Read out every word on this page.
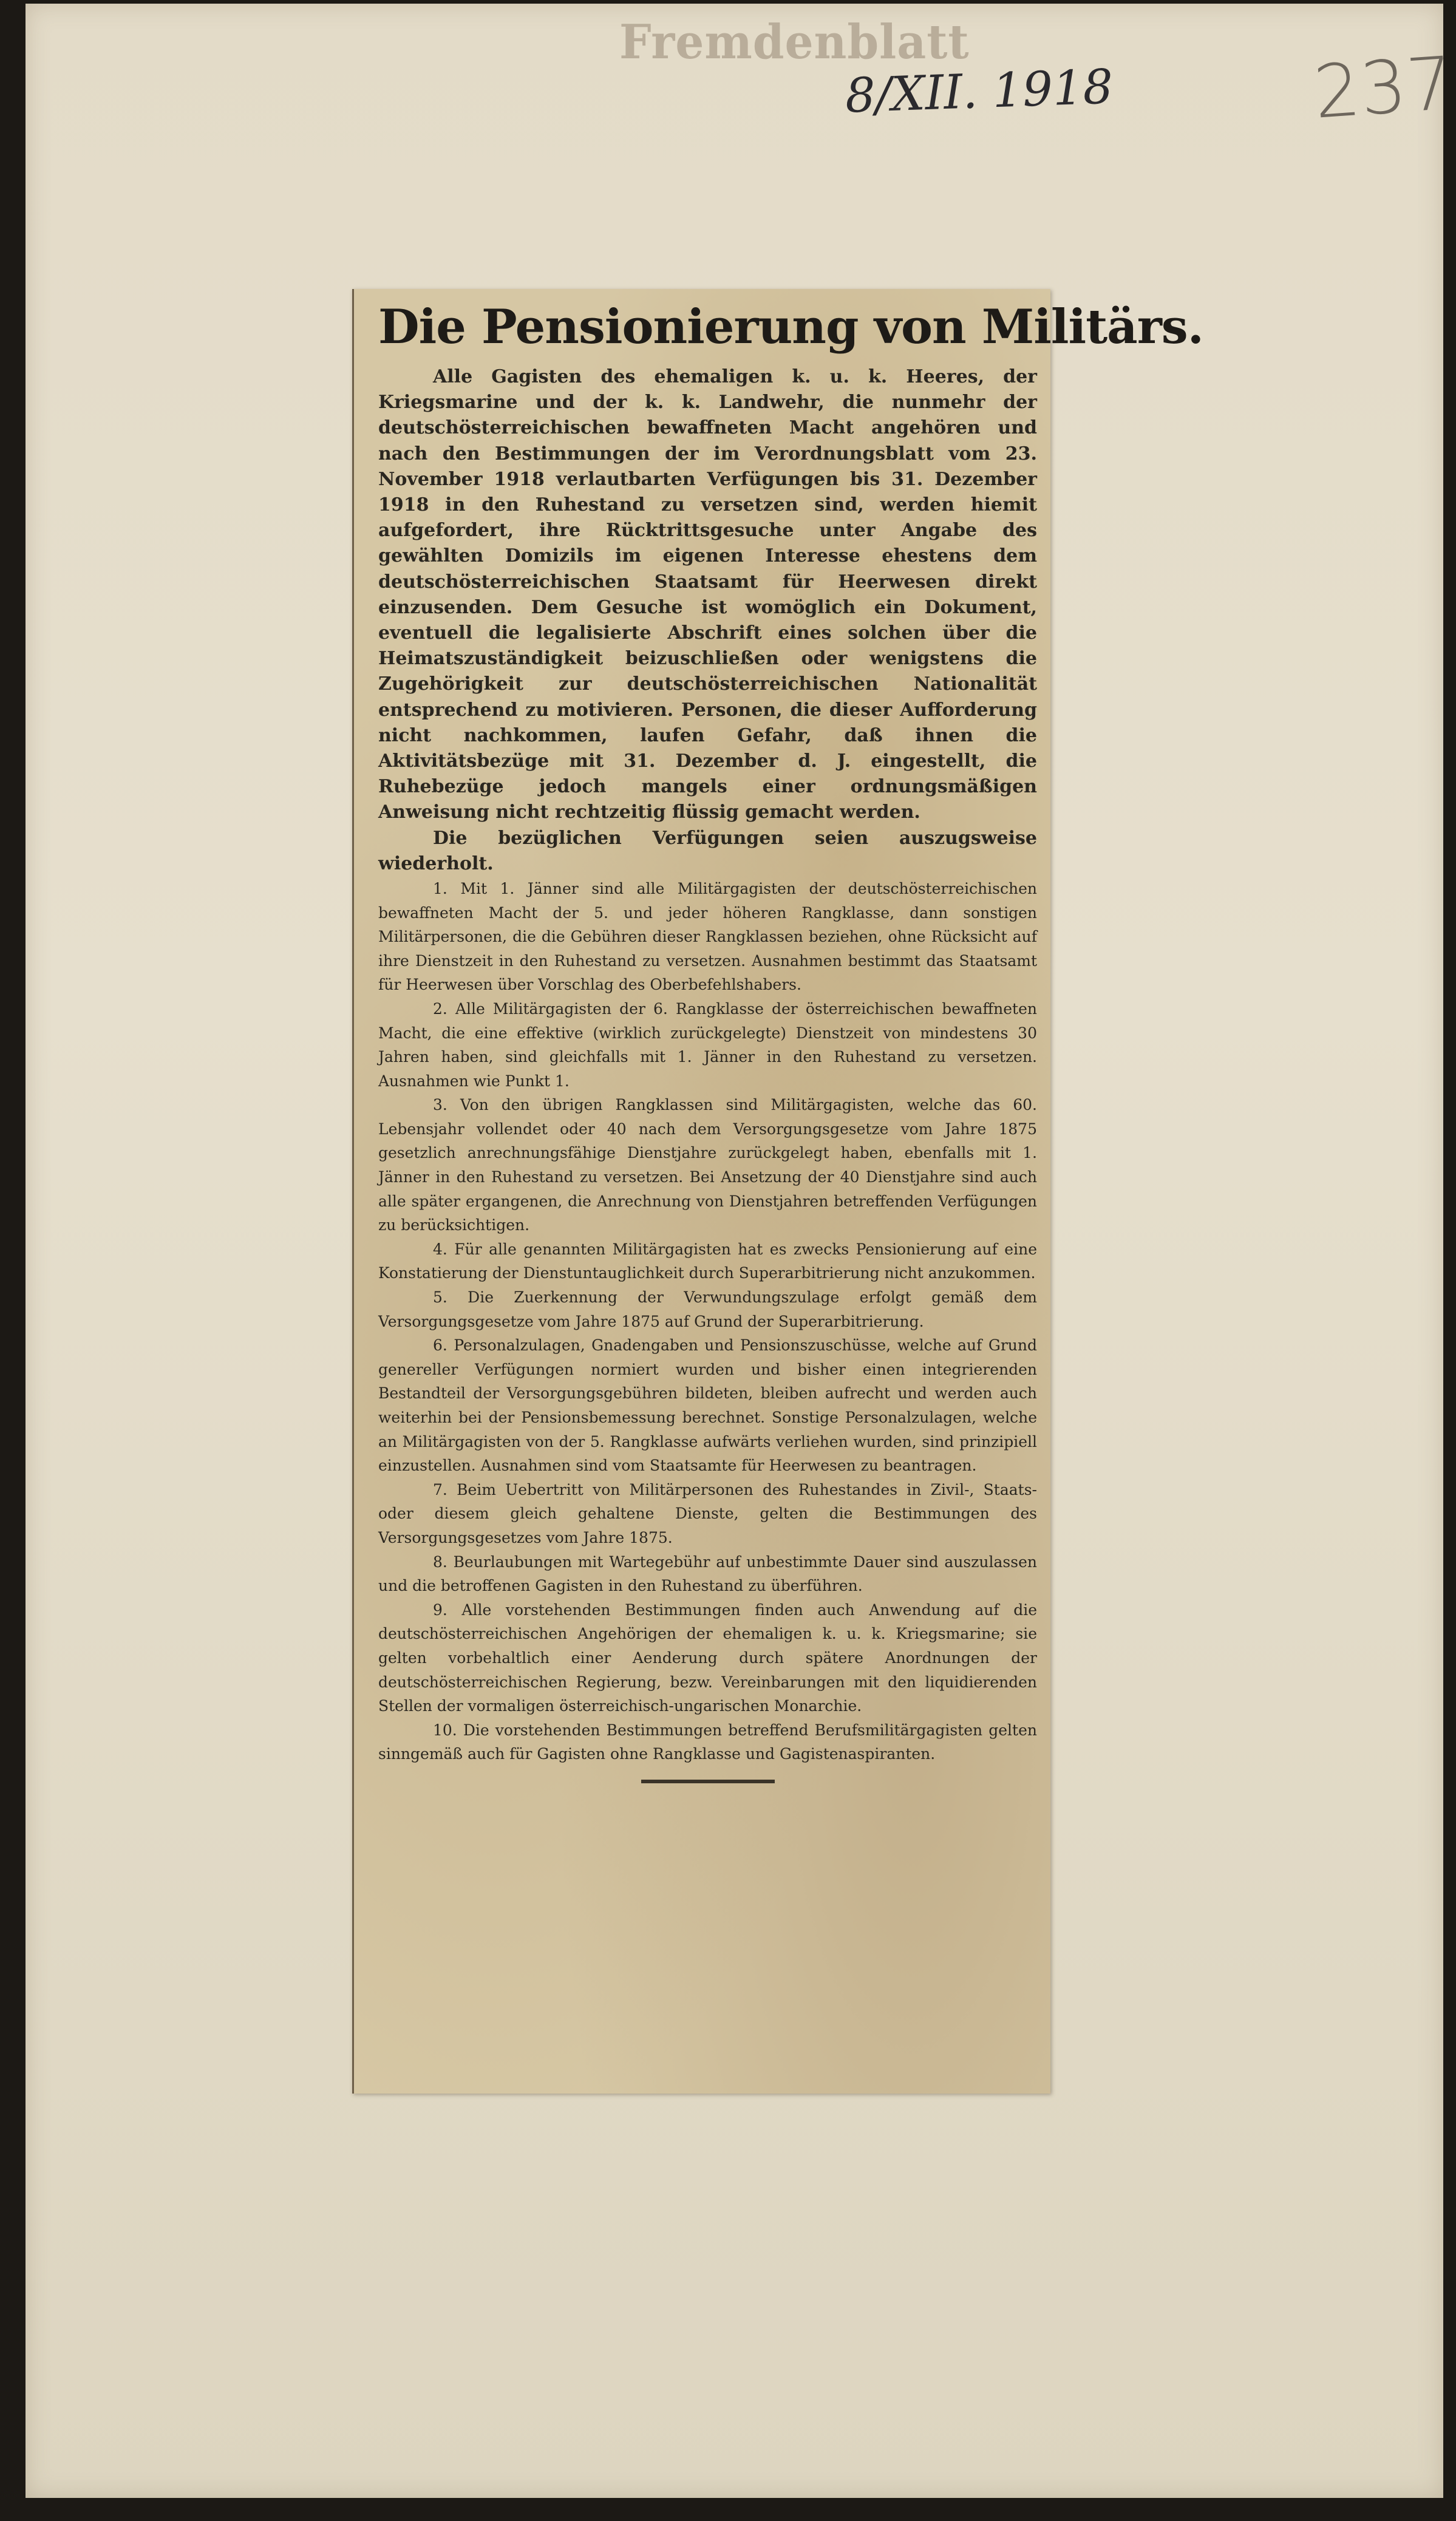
Fremdenblatt
8/XII. 1918	237
Die Pensionierung von Militärs.

Alle Gagisten des ehemaligen k. u. k. Heeres, der Kriegsmarine und der k. k. Landwehr, die nunmehr der deutschösterreichischen bewaffneten Macht angehören und nach den Bestimmungen der im Verordnungsblatt vom 23. November 1918 verlautbarten Verfügungen bis 31. Dezember 1918 in den Ruhestand zu versetzen sind, werden hiemit aufgefordert, ihre Rücktrittsgesuche unter Angabe des gewählten Domizils im eigenen Interesse ehestens dem deutschösterreichischen Staatsamt für Heerwesen direkt einzusenden. Dem Gesuche ist womöglich ein Dokument, eventuell die legalisierte Abschrift eines solchen über die Heimatszuständigkeit beizuschließen oder wenigstens die Zugehörigkeit zur deutschösterreichischen Nationalität entsprechend zu motivieren. Personen, die dieser Aufforderung nicht nachkommen, laufen Gefahr, daß ihnen die Aktivitätsbezüge mit 31. Dezember d. J. eingestellt, die Ruhebezüge jedoch mangels einer ordnungsmäßigen Anweisung nicht rechtzeitig flüssig gemacht werden.

Die bezüglichen Verfügungen seien auszugsweise wiederholt.

1. Mit 1. Jänner sind alle Militärgagisten der deutschösterreichischen bewaffneten Macht der 5. und jeder höheren Rangklasse, dann sonstigen Militärpersonen, die die Gebühren dieser Rangklassen beziehen, ohne Rücksicht auf ihre Dienstzeit in den Ruhestand zu versetzen. Ausnahmen bestimmt das Staatsamt für Heerwesen über Vorschlag des Oberbefehlshabers.

2. Alle Militärgagisten der 6. Rangklasse der österreichischen bewaffneten Macht, die eine effektive (wirklich zurückgelegte) Dienstzeit von mindestens 30 Jahren haben, sind gleichfalls mit 1. Jänner in den Ruhestand zu versetzen. Ausnahmen wie Punkt 1.

3. Von den übrigen Rangklassen sind Militärgagisten, welche das 60. Lebensjahr vollendet oder 40 nach dem Versorgungsgesetze vom Jahre 1875 gesetzlich anrechnungsfähige Dienstjahre zurückgelegt haben, ebenfalls mit 1. Jänner in den Ruhestand zu versetzen. Bei Ansetzung der 40 Dienstjahre sind auch alle später ergangenen, die Anrechnung von Dienstjahren betreffenden Verfügungen zu berücksichtigen.

4. Für alle genannten Militärgagisten hat es zwecks Pensionierung auf eine Konstatierung der Dienstuntauglichkeit durch Superarbitrierung nicht anzukommen.

5. Die Zuerkennung der Verwundungszulage erfolgt gemäß dem Versorgungsgesetze vom Jahre 1875 auf Grund der Superarbitrierung.

6. Personalzulagen, Gnadengaben und Pensionszuschüsse, welche auf Grund genereller Verfügungen normiert wurden und bisher einen integrierenden Bestandteil der Versorgungsgebühren bildeten, bleiben aufrecht und werden auch weiterhin bei der Pensionsbemessung berechnet. Sonstige Personalzulagen, welche an Militärgagisten von der 5. Rangklasse aufwärts verliehen wurden, sind prinzipiell einzustellen. Ausnahmen sind vom Staatsamte für Heerwesen zu beantragen.

7. Beim Uebertritt von Militärpersonen des Ruhestandes in Zivil-, Staats- oder diesem gleich gehaltene Dienste, gelten die Bestimmungen des Versorgungsgesetzes vom Jahre 1875.

8. Beurlaubungen mit Wartegebühr auf unbestimmte Dauer sind auszulassen und die betroffenen Gagisten in den Ruhestand zu überführen.

9. Alle vorstehenden Bestimmungen finden auch Anwendung auf die deutschösterreichischen Angehörigen der ehemaligen k. u. k. Kriegsmarine; sie gelten vorbehaltlich einer Aenderung durch spätere Anordnungen der deutschösterreichischen Regierung, bezw. Vereinbarungen mit den liquidierenden Stellen der vormaligen österreichisch-ungarischen Monarchie.

10. Die vorstehenden Bestimmungen betreffend Berufsmilitärgagisten gelten sinngemäß auch für Gagisten ohne Rangklasse und Gagistenaspiranten.
